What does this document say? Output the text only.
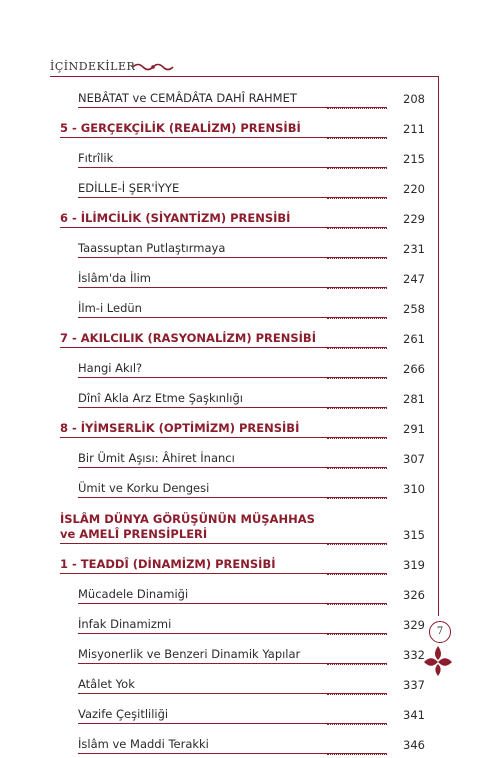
İÇİNDEKİLER
NEBÂTAT ve CEMÂDÂTA DAHÎ RAHMET	208
5 - GERÇEKÇİLİK (REALİZM) PRENSİBİ	211
Fıtrîlik	215
EDİLLE-İ ŞER'İYYE	220
6 - İLİMCİLİK (SİYANTİZM) PRENSİBİ	229
Taassuptan Putlaştırmaya	231
İslâm'da İlim	247
İlm-i Ledün	258
7 - AKILCILIK (RASYONALİZM) PRENSİBİ	261
Hangi Akıl?	266
Dînî Akla Arz Etme Şaşkınlığı	281
8 - İYİMSERLİK (OPTİMİZM) PRENSİBİ	291
Bir Ümit Aşısı: Âhiret İnancı	307
Ümit ve Korku Dengesi	310
İSLÂM DÜNYA GÖRÜŞÜNÜN MÜŞAHHAS
ve AMELÎ PRENSİPLERİ	315
1 - TEADDÎ (DİNAMİZM) PRENSİBİ	319
Mücadele Dinamiği	326
İnfak Dinamizmi	329
Misyonerlik ve Benzeri Dinamik Yapılar	332
Atâlet Yok	337
Vazife Çeşitliliği	341
İslâm ve Maddi Terakki	346
7
